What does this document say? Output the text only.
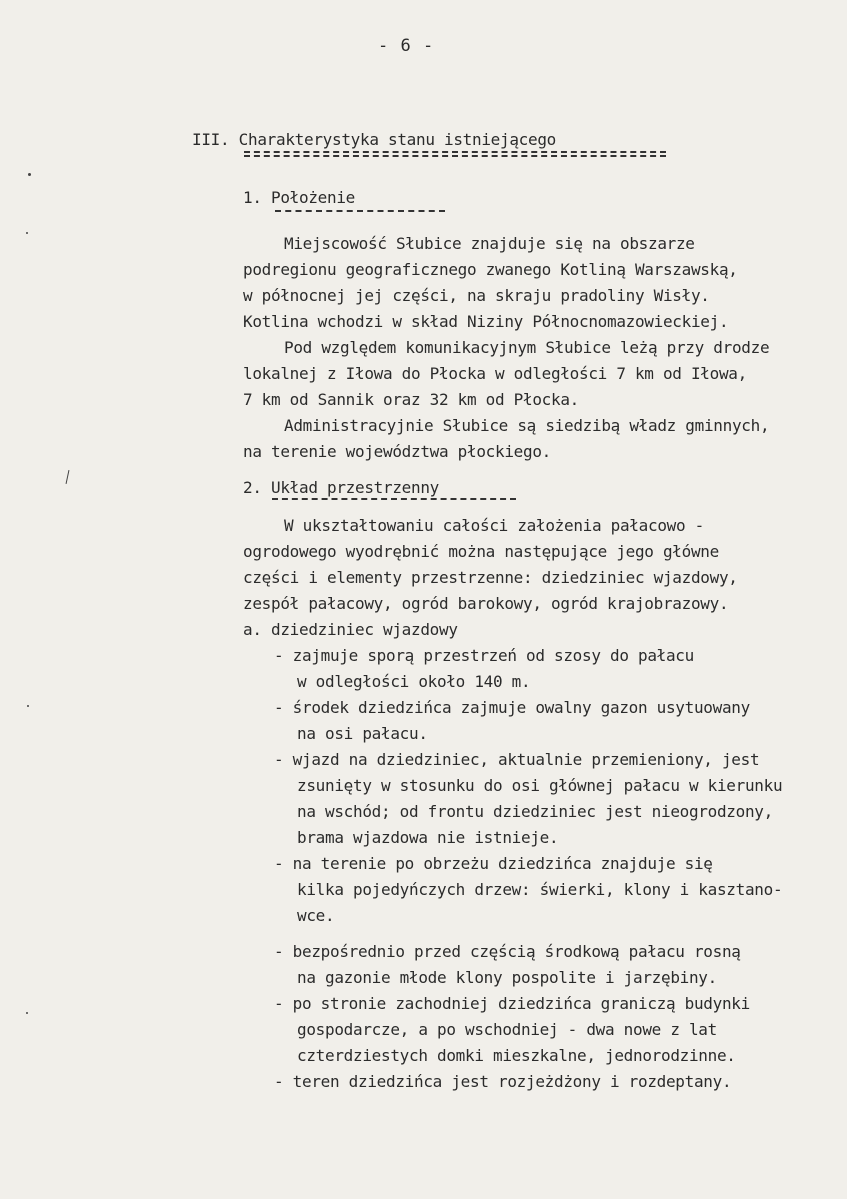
- 6 -
III. Charakterystyka stanu istniejącego
1. Położenie
Miejscowość Słubice znajduje się na obszarze
podregionu geograficznego zwanego Kotliną Warszawską,
w północnej jej części, na skraju pradoliny Wisły.
Kotlina wchodzi w skład Niziny Północnomazowieckiej.
Pod względem komunikacyjnym Słubice leżą przy drodze
lokalnej z Iłowa do Płocka w odległości 7 km od Iłowa,
7 km od Sannik oraz 32 km od Płocka.
Administracyjnie Słubice są siedzibą władz gminnych,
na terenie województwa płockiego.
2. Układ przestrzenny
W ukształtowaniu całości założenia pałacowo -
ogrodowego wyodrębnić można następujące jego główne
części i elementy przestrzenne: dziedziniec wjazdowy,
zespół pałacowy, ogród barokowy, ogród krajobrazowy.
a. dziedziniec wjazdowy
- zajmuje sporą przestrzeń od szosy do pałacu
w odległości około 140 m.
- środek dziedzińca zajmuje owalny gazon usytuowany
na osi pałacu.
- wjazd na dziedziniec, aktualnie przemieniony, jest
zsunięty w stosunku do osi głównej pałacu w kierunku
na wschód; od frontu dziedziniec jest nieogrodzony,
brama wjazdowa nie istnieje.
- na terenie po obrzeżu dziedzińca znajduje się
kilka pojedyńczych drzew: świerki, klony i kasztano-
wce.
- bezpośrednio przed częścią środkową pałacu rosną
na gazonie młode klony pospolite i jarzębiny.
- po stronie zachodniej dziedzińca graniczą budynki
gospodarcze, a po wschodniej - dwa nowe z lat
czterdziestych domki mieszkalne, jednorodzinne.
- teren dziedzińca jest rozjeżdżony i rozdeptany.
